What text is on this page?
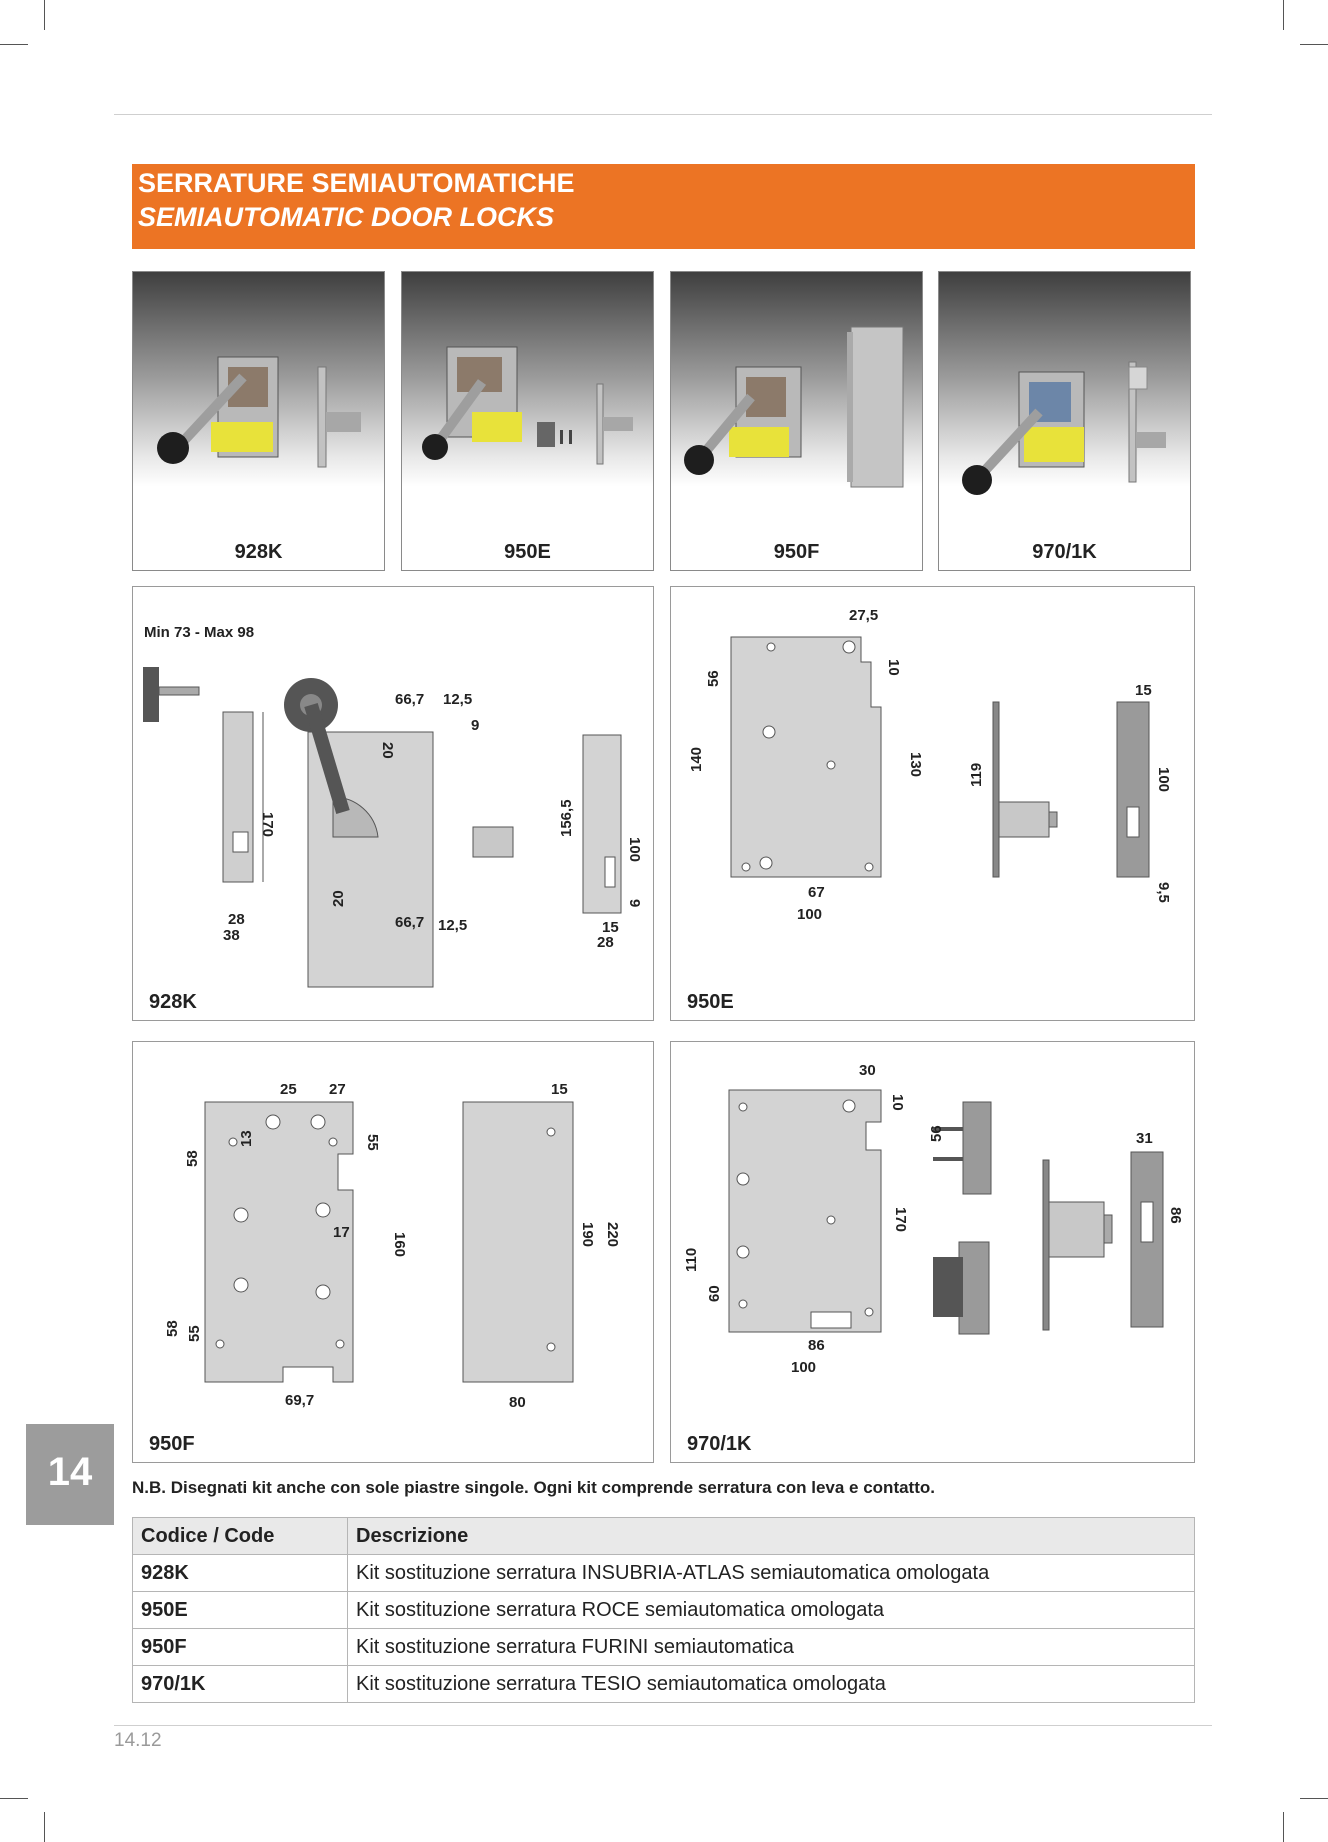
SERRATURE SEMIAUTOMATICHE
SEMIAUTOMATIC DOOR LOCKS
928K	950E	950F	970/1K
Min 73 - Max 98
170
28
38
66,7 12,5
20
9
20
66,7 12,5
156,5
100
9
15
28
928K
27,5
10
56
140	130
67
100
119
15
100
9,5
950E
25 27
13
58
55
17	160
58 55
69,7
15
190 220
80
950F
30
10
170
110
60
86
100
56	31
86
970/1K
14	N.B. Disegnati kit anche con sole piastre singole. Ogni kit comprende serratura con leva e contatto.
Codice / Code	Descrizione
928K	Kit sostituzione serratura INSUBRIA-ATLAS semiautomatica omologata
950E	Kit sostituzione serratura ROCE semiautomatica omologata
950F	Kit sostituzione serratura FURINI semiautomatica
970/1K	Kit sostituzione serratura TESIO semiautomatica omologata
14.12
